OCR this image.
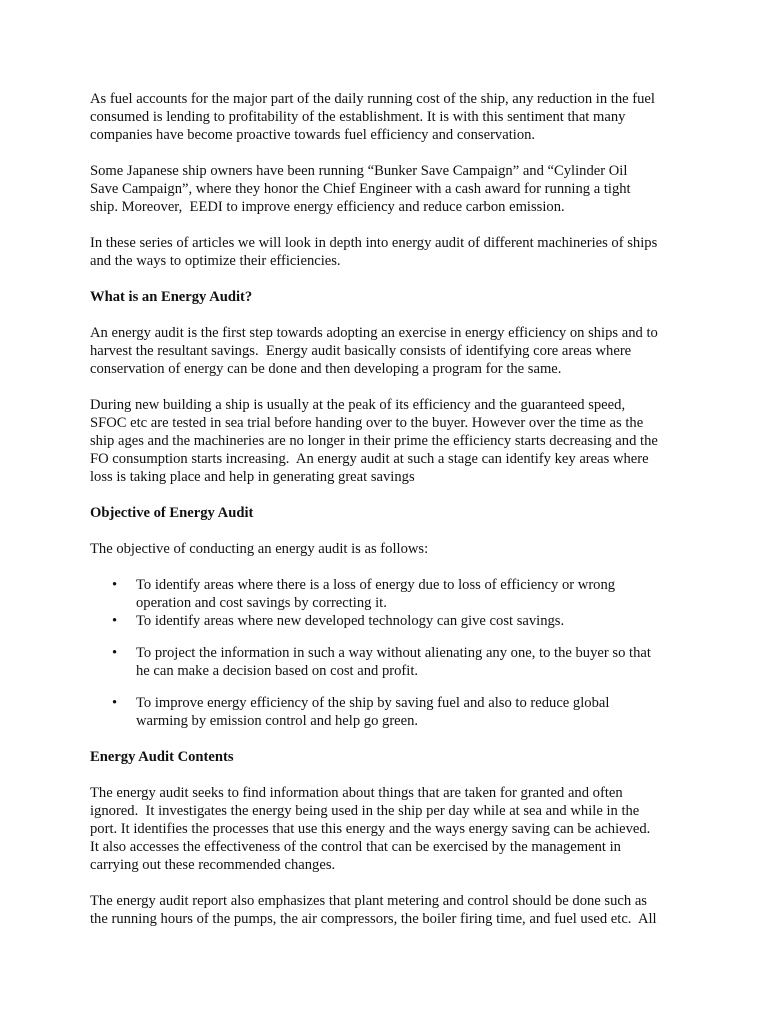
As fuel accounts for the major part of the daily running cost of the ship, any reduction in the fuel
consumed is lending to profitability of the establishment. It is with this sentiment that many
companies have become proactive towards fuel efficiency and conservation.

Some Japanese ship owners have been running “Bunker Save Campaign” and “Cylinder Oil
Save Campaign”, where they honor the Chief Engineer with a cash award for running a tight
ship. Moreover,  EEDI to improve energy efficiency and reduce carbon emission.

In these series of articles we will look in depth into energy audit of different machineries of ships
and the ways to optimize their efficiencies.

What is an Energy Audit?

An energy audit is the first step towards adopting an exercise in energy efficiency on ships and to
harvest the resultant savings.  Energy audit basically consists of identifying core areas where
conservation of energy can be done and then developing a program for the same.

During new building a ship is usually at the peak of its efficiency and the guaranteed speed,
SFOC etc are tested in sea trial before handing over to the buyer. However over the time as the
ship ages and the machineries are no longer in their prime the efficiency starts decreasing and the
FO consumption starts increasing.  An energy audit at such a stage can identify key areas where
loss is taking place and help in generating great savings

Objective of Energy Audit

The objective of conducting an energy audit is as follows:

• To identify areas where there is a loss of energy due to loss of efficiency or wrong
operation and cost savings by correcting it.
• To identify areas where new developed technology can give cost savings.
• To project the information in such a way without alienating any one, to the buyer so that
he can make a decision based on cost and profit.
• To improve energy efficiency of the ship by saving fuel and also to reduce global
warming by emission control and help go green.
Energy Audit Contents

The energy audit seeks to find information about things that are taken for granted and often
ignored.  It investigates the energy being used in the ship per day while at sea and while in the
port. It identifies the processes that use this energy and the ways energy saving can be achieved.
It also accesses the effectiveness of the control that can be exercised by the management in
carrying out these recommended changes.

The energy audit report also emphasizes that plant metering and control should be done such as
the running hours of the pumps, the air compressors, the boiler firing time, and fuel used etc.  All
